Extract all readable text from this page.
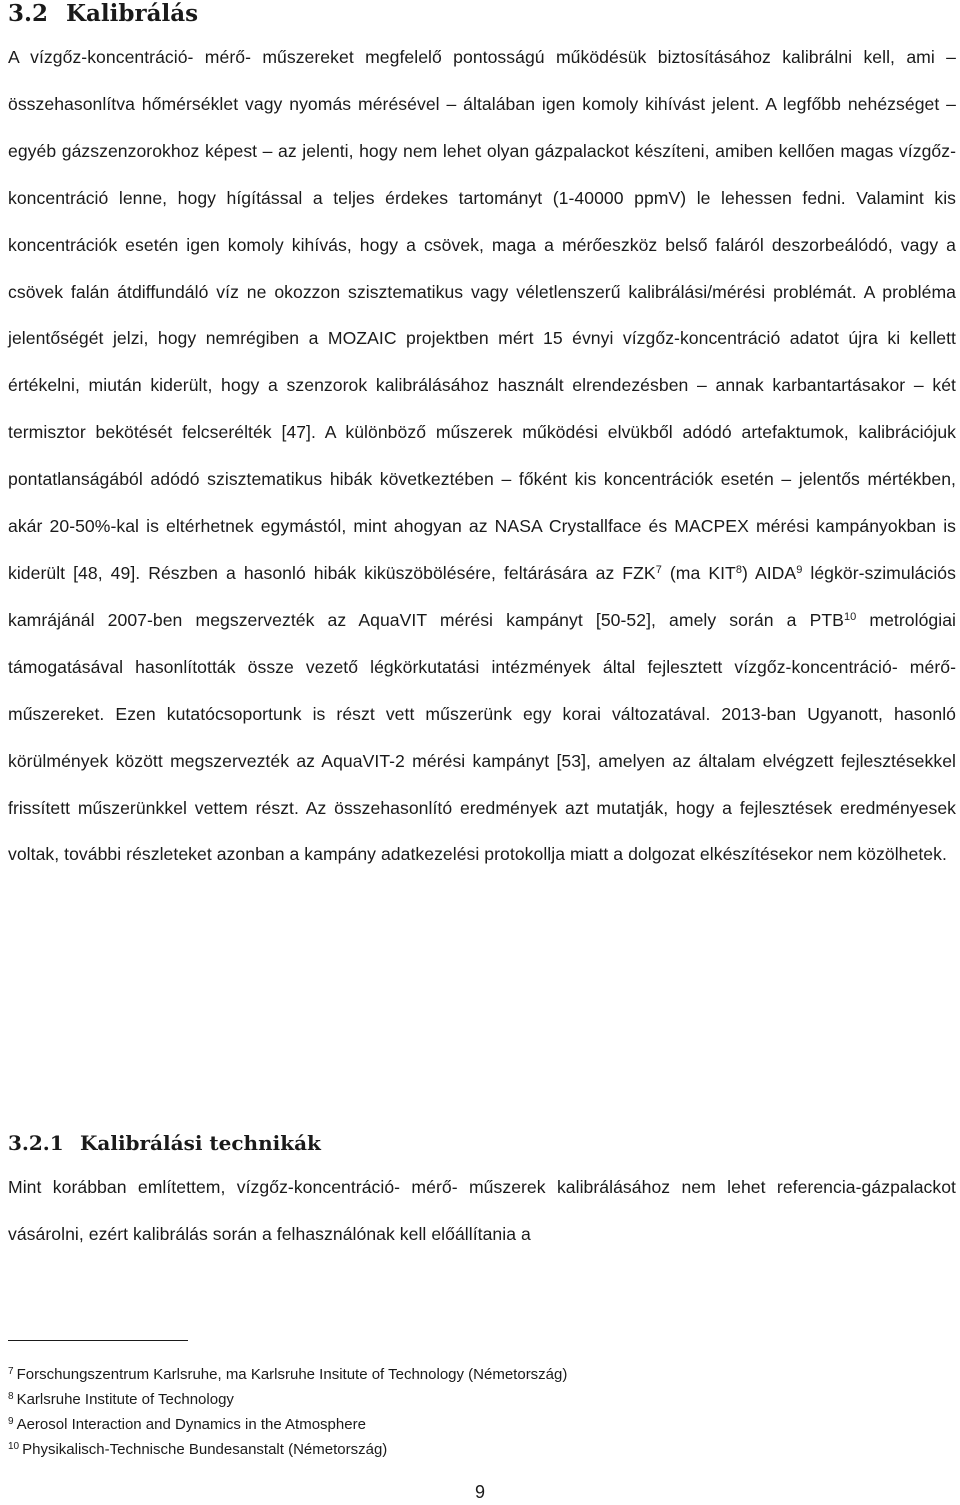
3.2 Kalibrálás

A vízgőz-koncentráció- mérő- műszereket megfelelő pontosságú működésük biztosításához kalibrálni kell, ami – összehasonlítva hőmérséklet vagy nyomás mérésével – általában igen komoly kihívást jelent. A legfőbb nehézséget – egyéb gázszenzorokhoz képest – az jelenti, hogy nem lehet olyan gázpalackot készíteni, amiben kellően magas vízgőz-koncentráció lenne, hogy hígítással a teljes érdekes tartományt (1-40000 ppmV) le lehessen fedni. Valamint kis koncentrációk esetén igen komoly kihívás, hogy a csövek, maga a mérőeszköz belső faláról deszorbeálódó, vagy a csövek falán átdiffundáló víz ne okozzon szisztematikus vagy véletlenszerű kalibrálási/mérési problémát. A probléma jelentőségét jelzi, hogy nemrégiben a MOZAIC projektben mért 15 évnyi vízgőz-koncentráció adatot újra ki kellett értékelni, miután kiderült, hogy a szenzorok kalibrálásához használt elrendezésben – annak karbantartásakor – két termisztor bekötését felcserélték [47]. A különböző műszerek működési elvükből adódó artefaktumok, kalibrációjuk pontatlanságából adódó szisztematikus hibák következtében – főként kis koncentrációk esetén – jelentős mértékben, akár 20-50%-kal is eltérhetnek egymástól, mint ahogyan az NASA Crystallface és MACPEX mérési kampányokban is kiderült [48, 49]. Részben a hasonló hibák kiküszöbölésére, feltárására az FZK$^7$ (ma KIT$^8$) AIDA$^9$ légkör-szimulációs kamrájánál 2007-ben megszervezték az AquaVIT mérési kampányt [50-52], amely során a PTB$^{10}$ metrológiai támogatásával hasonlították össze vezető légkörkutatási intézmények által fejlesztett vízgőz-koncentráció- mérő- műszereket. Ezen kutatócsoportunk is részt vett műszerünk egy korai változatával. 2013-ban Ugyanott, hasonló körülmények között megszervezték az AquaVIT-2 mérési kampányt [53], amelyen az általam elvégzett fejlesztésekkel frissített műszerünkkel vettem részt. Az összehasonlító eredmények azt mutatják, hogy a fejlesztések eredményesek voltak, további részleteket azonban a kampány adatkezelési protokollja miatt a dolgozat elkészítésekor nem közölhetek.

3.2.1 Kalibrálási technikák

Mint korábban említettem, vízgőz-koncentráció- mérő- műszerek kalibrálásához nem lehet referencia-gázpalackot vásárolni, ezért kalibrálás során a felhasználónak kell előállítania a

$^7$ Forschungszentrum Karlsruhe, ma Karlsruhe Insitute of Technology (Németország)
$^8$ Karlsruhe Institute of Technology
$^9$ Aerosol Interaction and Dynamics in the Atmosphere
$^{10}$ Physikalisch-Technische Bundesanstalt (Németország)
9
